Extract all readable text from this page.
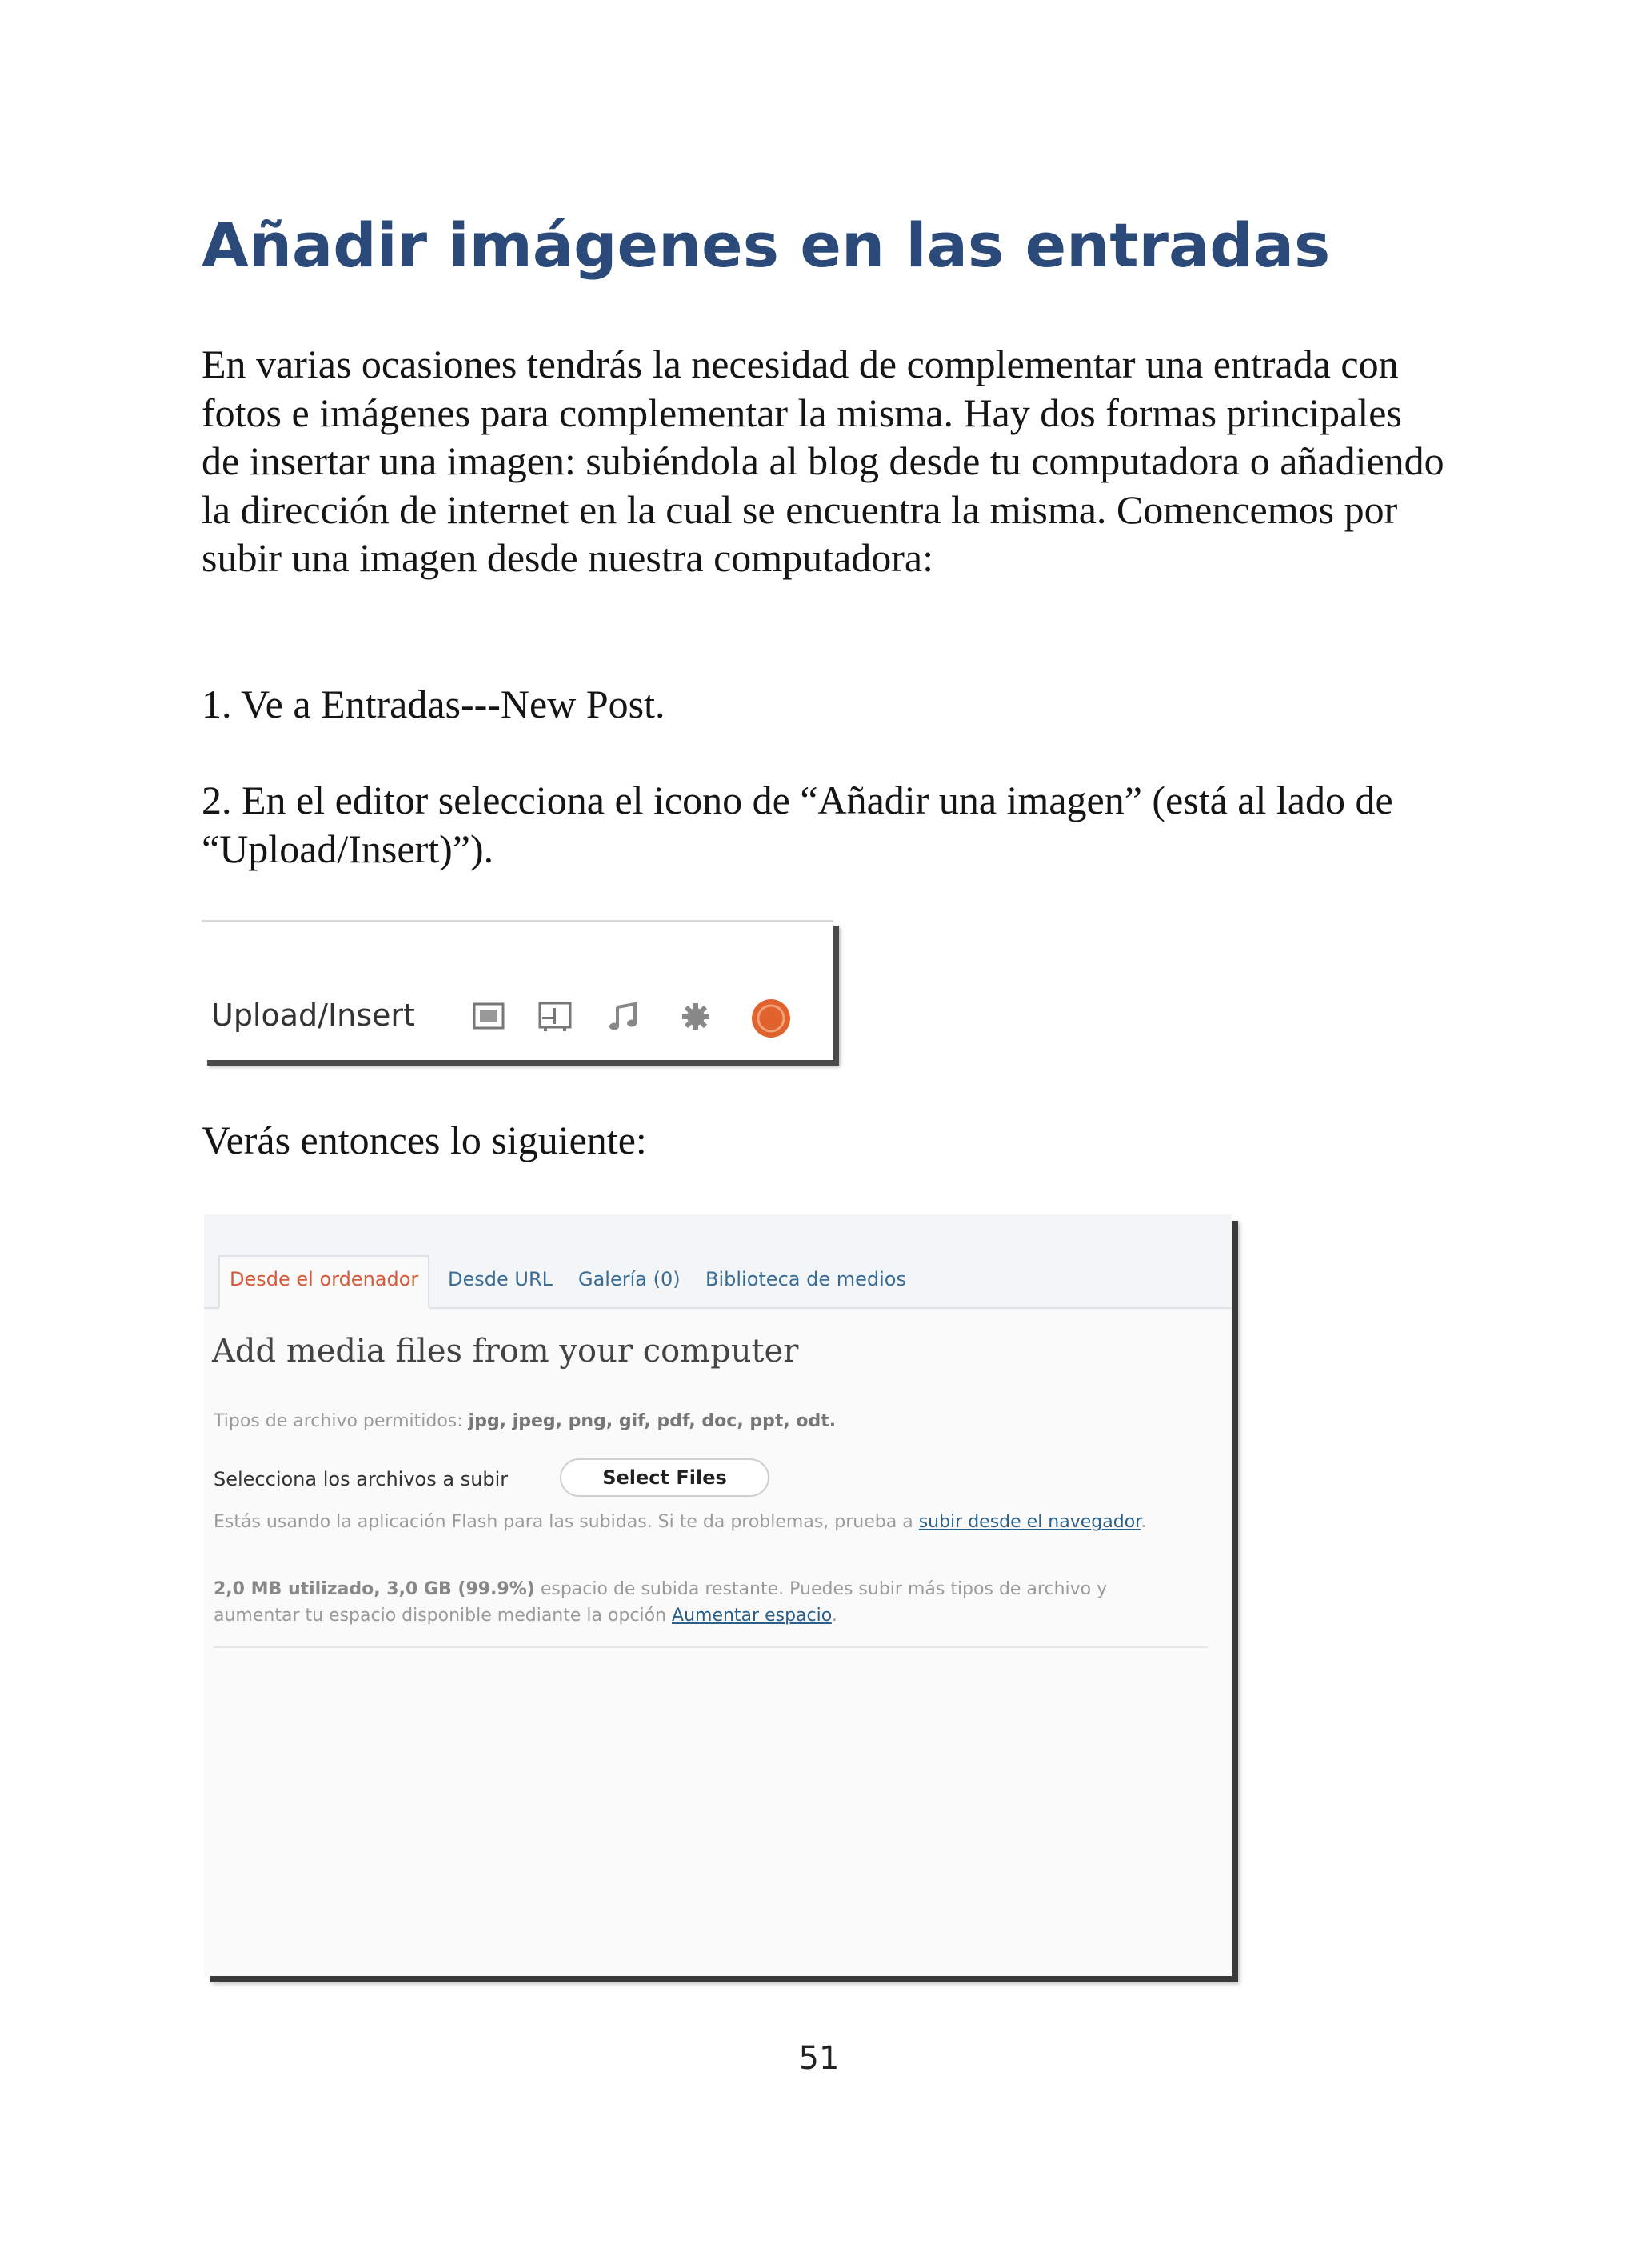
Añadir imágenes en las entradas

En varias ocasiones tendrás la necesidad de complementar una entrada con fotos e imágenes para complementar la misma. Hay dos formas principales de insertar una imagen: subiéndola al blog desde tu computadora o añadiendo la dirección de internet en la cual se encuentra la misma. Comencemos por subir una imagen desde nuestra computadora:

1. Ve a Entradas---New Post.

2. En el editor selecciona el icono de “Añadir una imagen” (está al lado de “Upload/Insert)”).

Upload/Insert

Verás entonces lo siguiente:

Desde el ordenador	Desde URL Galería (0) Biblioteca de medios
Add media files from your computer
Tipos de archivo permitidos: jpg, jpeg, png, gif, pdf, doc, ppt, odt.
Selecciona los archivos a subir	Select Files
Estás usando la aplicación Flash para las subidas. Si te da problemas, prueba a subir desde el navegador.
2,0 MB utilizado, 3,0 GB (99.9%) espacio de subida restante. Puedes subir más tipos de archivo y aumentar tu espacio disponible mediante la opción Aumentar espacio.
51
